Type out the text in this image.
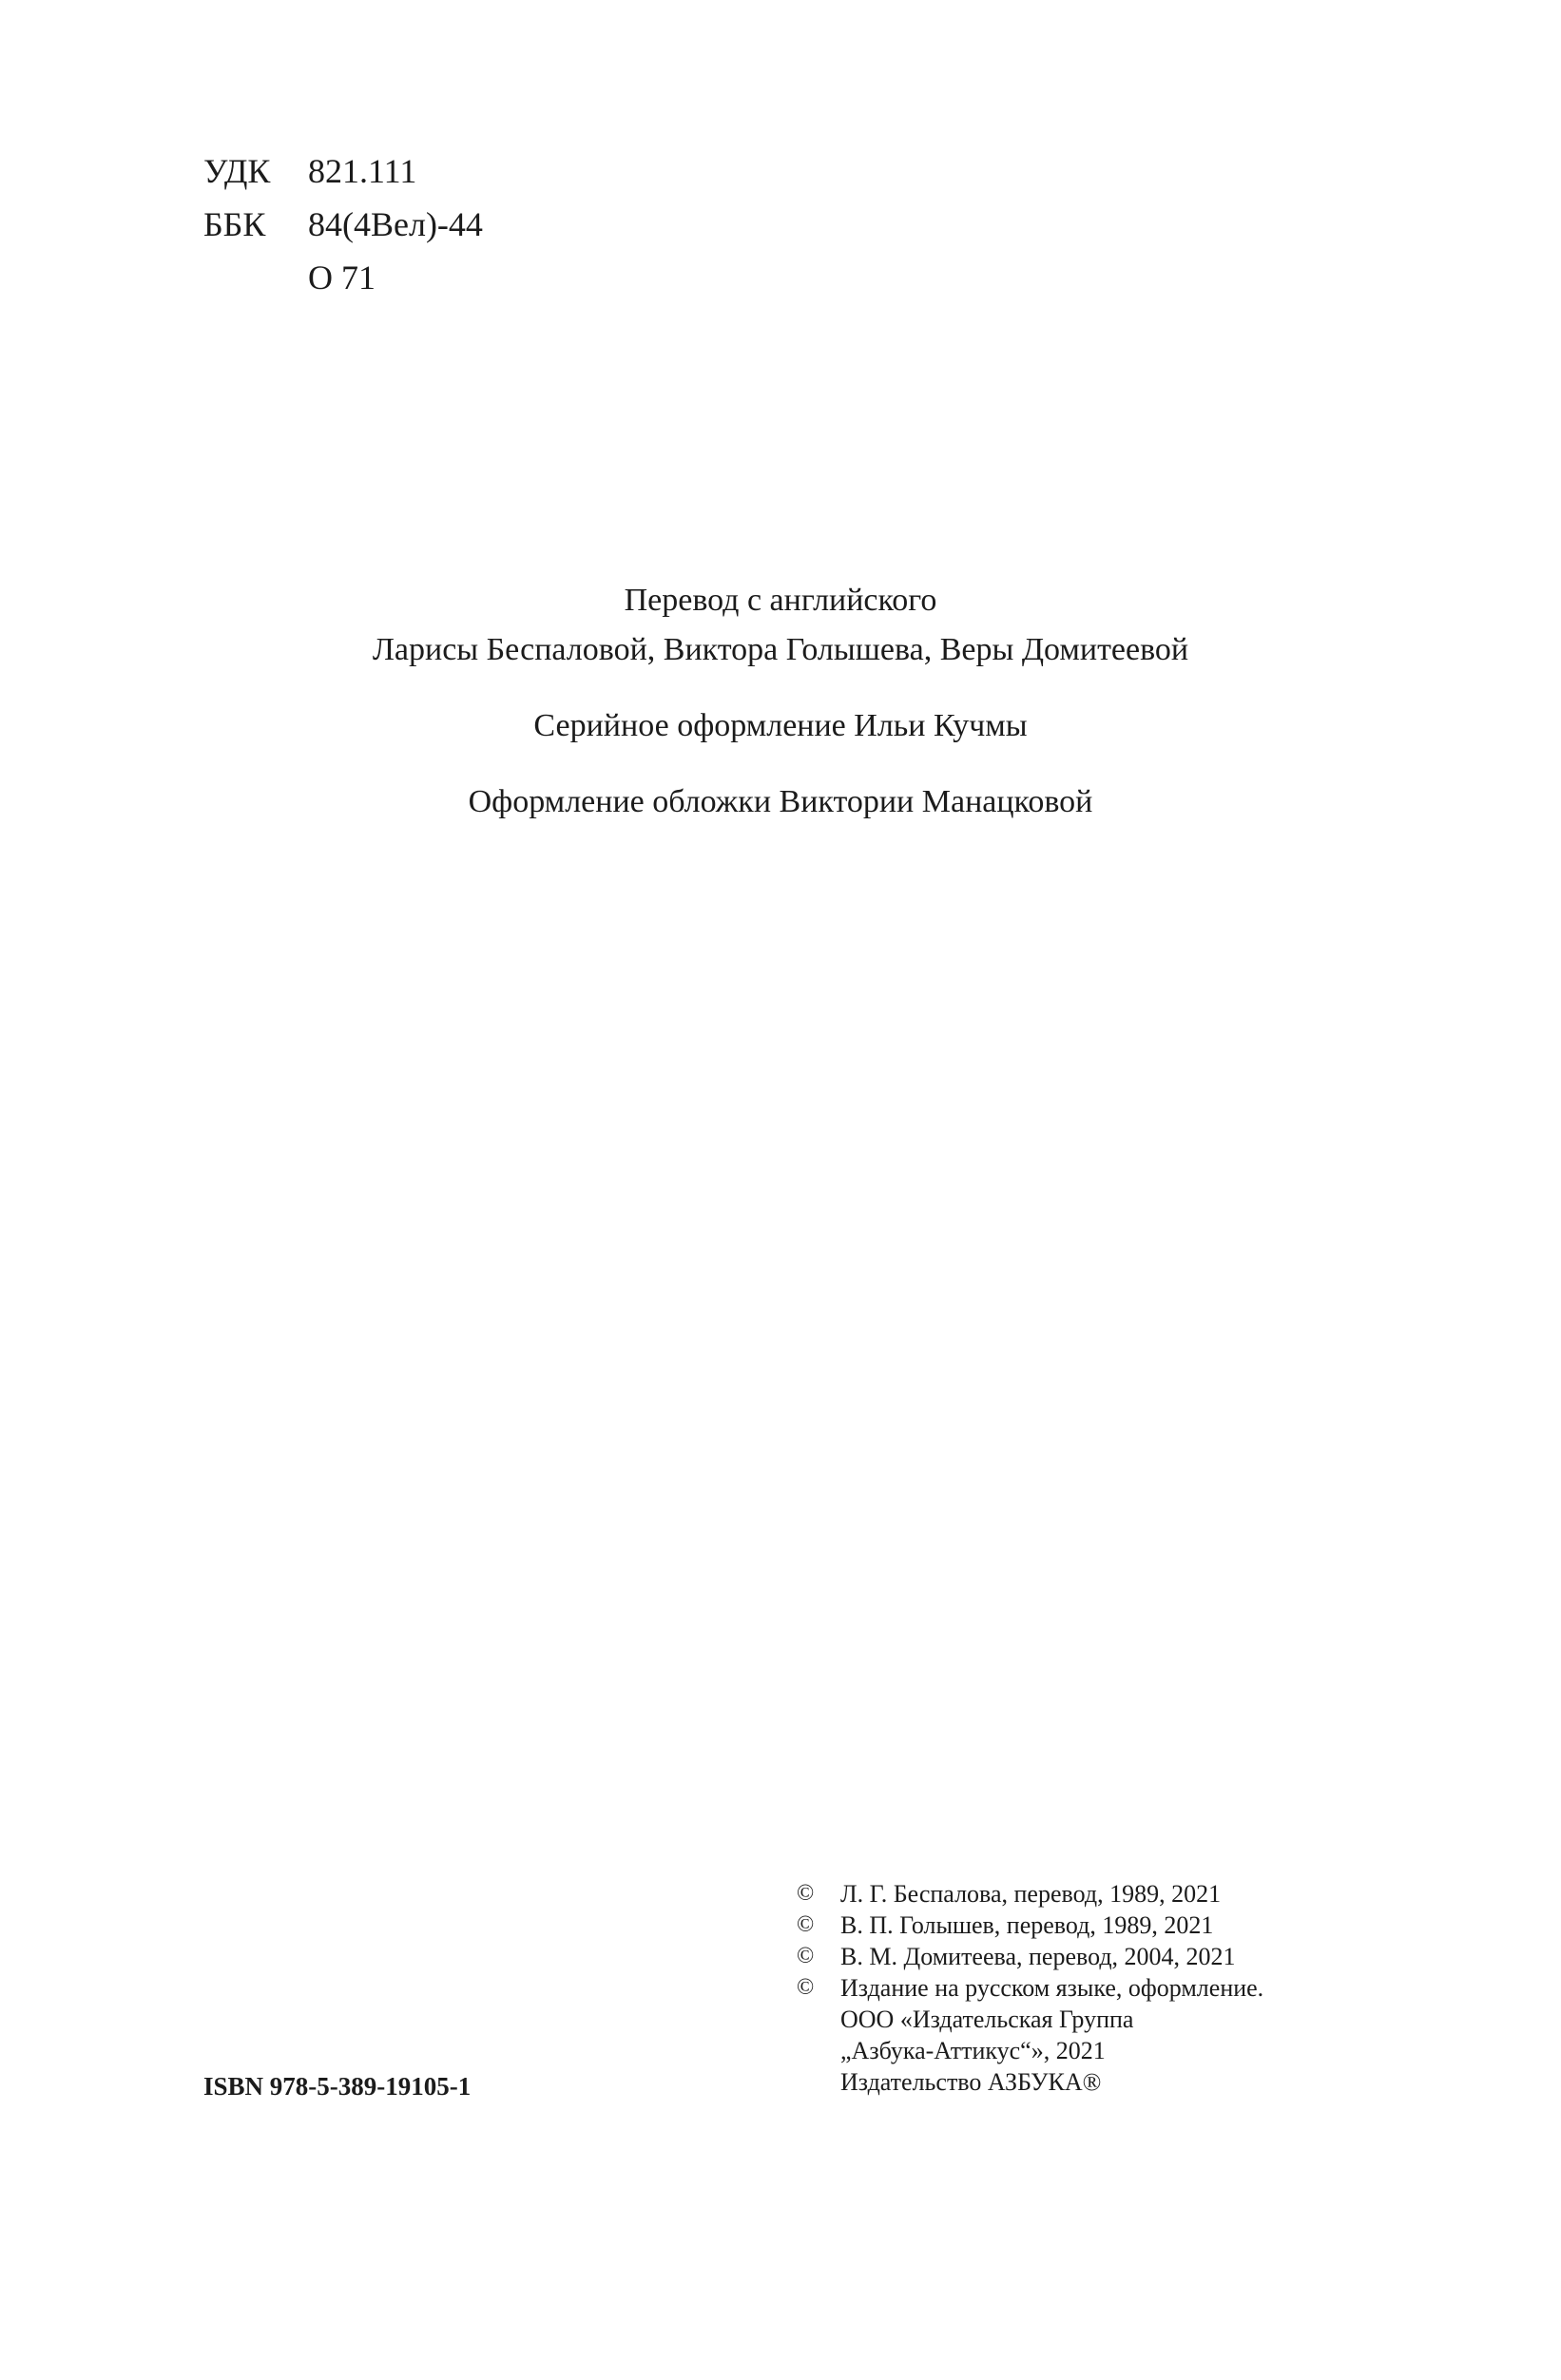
УДК	821.111
ББК	84(4Вел)-44
О 71
Перевод с английского
Ларисы Беспаловой, Виктора Голышева, Веры Домитеевой
Серийное оформление Ильи Кучмы
Оформление обложки Виктории Манацковой
©	Л. Г. Беспалова, перевод, 1989, 2021
©	В. П. Голышев, перевод, 1989, 2021
©	В. М. Домитеева, перевод, 2004, 2021
©	Издание на русском языке, оформление.
ООО «Издательская Группа
„Азбука-Аттикус“», 2021
Издательство АЗБУКА®
ISBN 978-5-389-19105-1
